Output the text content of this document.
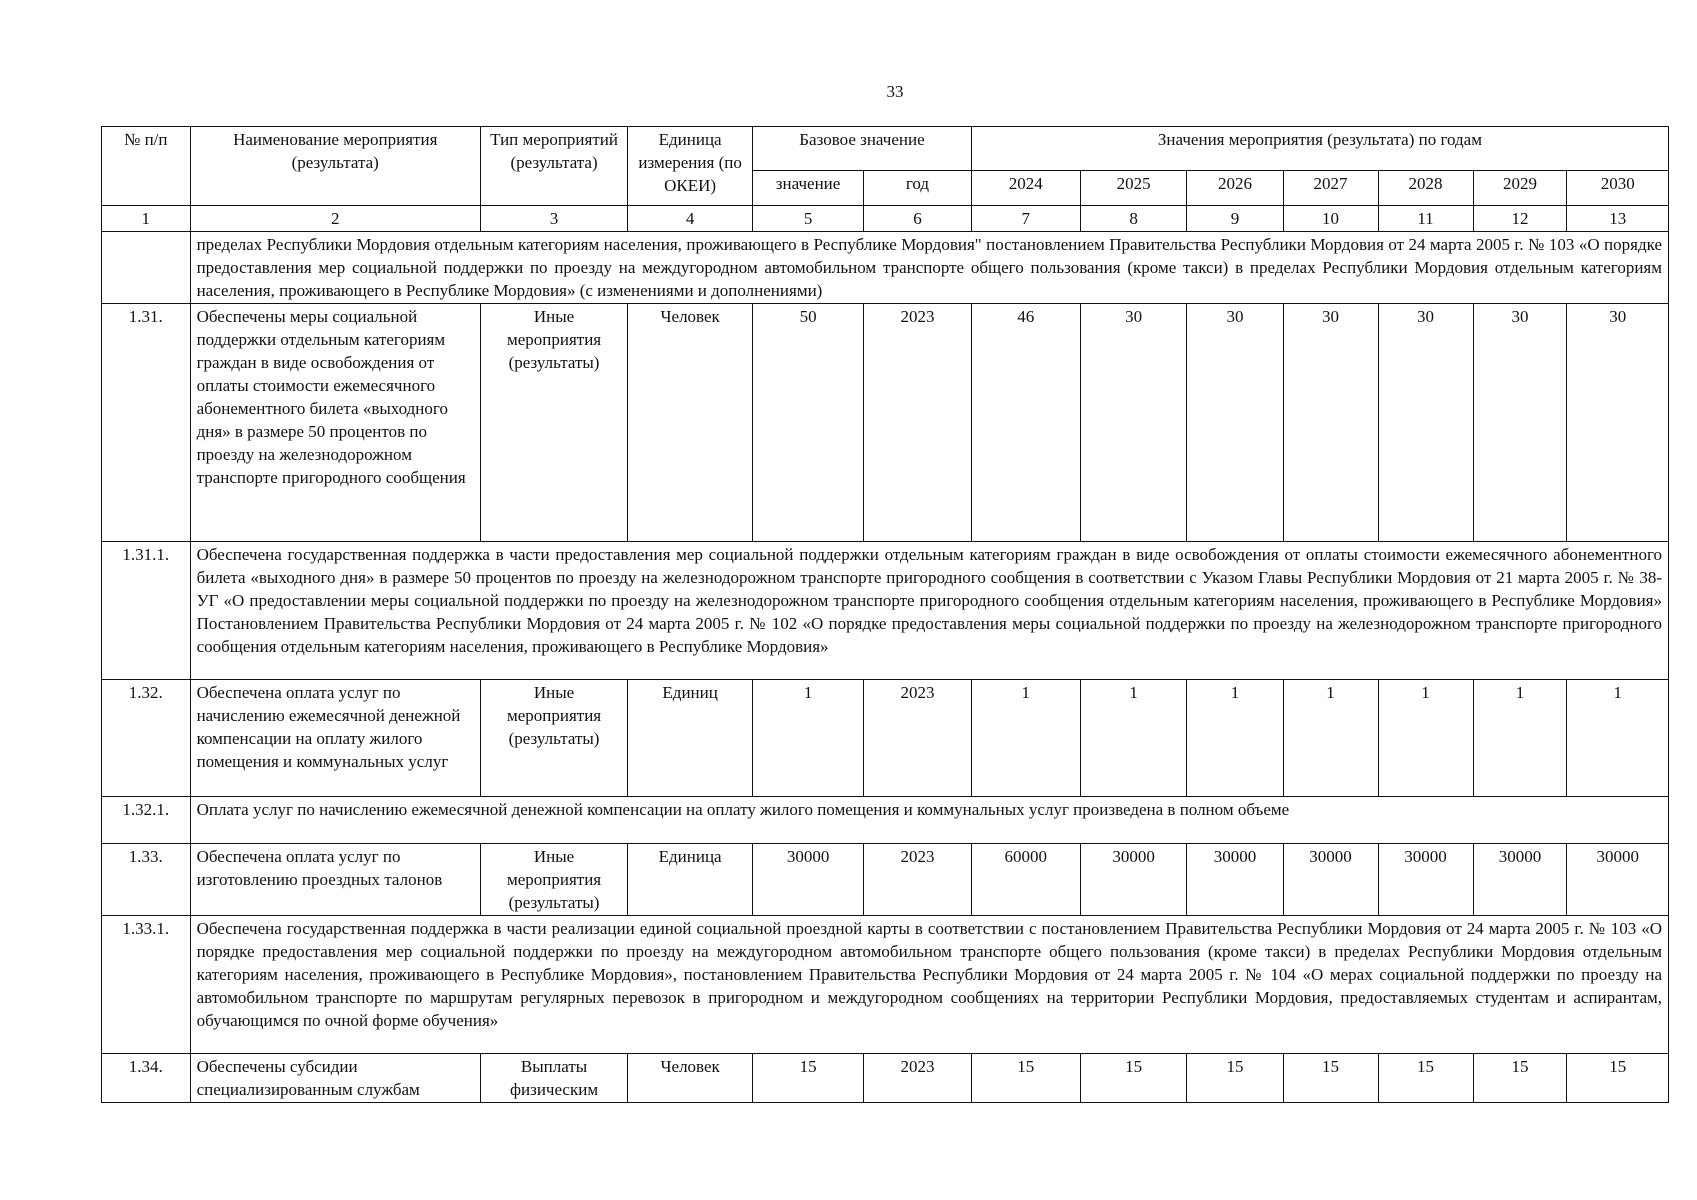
33
№ п/п	Наименование мероприятия (результата)	Тип мероприятий (результата)	Единица измерения (по ОКЕИ)	Базовое значение		Значения мероприятия (результата) по годам						
				значение	год	2024	2025	2026	2027	2028	2029	2030
1	2	3	4	5	6	7	8	9	10	11	12	13
	пределах Республики Мордовия отдельным категориям населения, проживающего в Республике Мордовия" постановлением Правительства Республики Мордовия от 24 марта 2005 г. № 103 «О порядке предоставления мер социальной поддержки по проезду на междугородном автомобильном транспорте общего пользования (кроме такси) в пределах Республики Мордовия отдельным категориям населения, проживающего в Республике Мордовия» (с изменениями и дополнениями)											
1.31.	Обеспечены меры социальной поддержки отдельным категориям граждан в виде освобождения от оплаты стоимости ежемесячного абонементного билета «выходного дня» в размере 50 процентов по проезду на железнодорожном транспорте пригородного сообщения	Иные мероприятия (результаты)	Человек	50	2023	46	30	30	30	30	30	30
1.31.1.	Обеспечена государственная поддержка в части предоставления мер социальной поддержки отдельным категориям граждан в виде освобождения от оплаты стоимости ежемесячного абонементного билета «выходного дня» в размере 50 процентов по проезду на железнодорожном транспорте пригородного сообщения в соответствии с Указом Главы Республики Мордовия от 21 марта 2005 г. № 38-УГ «О предоставлении меры социальной поддержки по проезду на железнодорожном транспорте пригородного сообщения отдельным категориям населения, проживающего в Республике Мордовия» Постановлением Правительства Республики Мордовия от 24 марта 2005 г. № 102 «О порядке предоставления меры социальной поддержки по проезду на железнодорожном транспорте пригородного сообщения отдельным категориям населения, проживающего в Республике Мордовия»											
1.32.	Обеспечена оплата услуг по начислению ежемесячной денежной компенсации на оплату жилого помещения и коммунальных услуг	Иные мероприятия (результаты)	Единиц	1	2023	1	1	1	1	1	1	1
1.32.1.	Оплата услуг по начислению ежемесячной денежной компенсации на оплату жилого помещения и коммунальных услуг произведена в полном объеме											
1.33.	Обеспечена оплата услуг по изготовлению проездных талонов	Иные мероприятия (результаты)	Единица	30000	2023	60000	30000	30000	30000	30000	30000	30000
1.33.1.	Обеспечена государственная поддержка в части реализации единой социальной проездной карты в соответствии с постановлением Правительства Республики Мордовия от 24 марта 2005 г. № 103 «О порядке предоставления мер социальной поддержки по проезду на междугородном автомобильном транспорте общего пользования (кроме такси) в пределах Республики Мордовия отдельным категориям населения, проживающего в Республике Мордовия», постановлением Правительства Республики Мордовия от 24 марта 2005 г. № 104 «О мерах социальной поддержки по проезду на автомобильном транспорте по маршрутам регулярных перевозок в пригородном и междугородном сообщениях на территории Республики Мордовия, предоставляемых студентам и аспирантам, обучающимся по очной форме обучения»											
1.34.	Обеспечены субсидии специализированным службам	Выплаты физическим	Человек	15	2023	15	15	15	15	15	15	15
